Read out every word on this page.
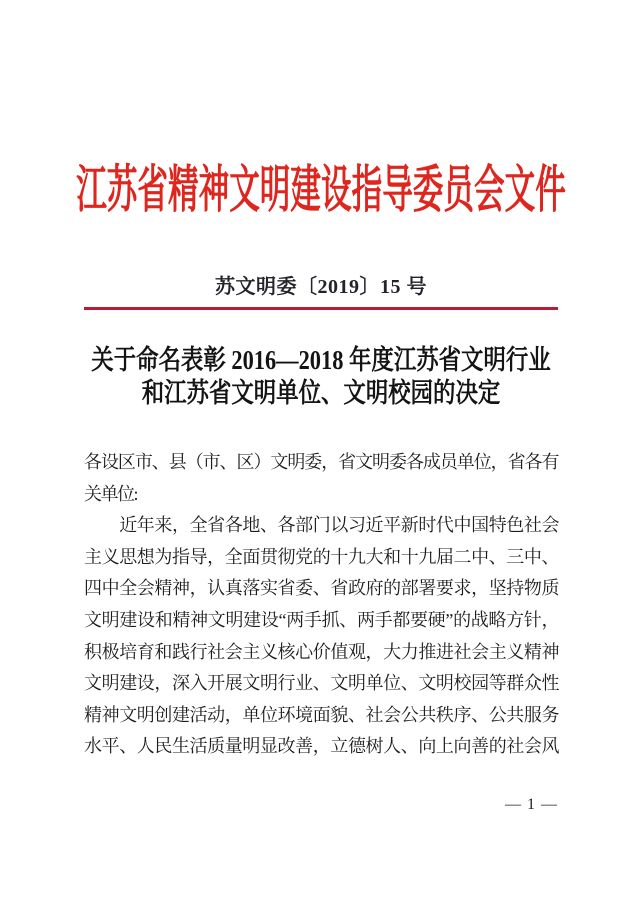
江苏省精神文明建设指导委员会文件
苏文明委〔2019〕15 号
关于命名表彰 2016—2018 年度江苏省文明行业
和江苏省文明单位、文明校园的决定
各设区市、县（市、区）文明委，省文明委各成员单位，省各有
关单位:
　　近年来，全省各地、各部门以习近平新时代中国特色社会
主义思想为指导，全面贯彻党的十九大和十九届二中、三中、
四中全会精神，认真落实省委、省政府的部署要求，坚持物质
文明建设和精神文明建设“两手抓、两手都要硬”的战略方针，
积极培育和践行社会主义核心价值观，大力推进社会主义精神
文明建设，深入开展文明行业、文明单位、文明校园等群众性
精神文明创建活动，单位环境面貌、社会公共秩序、公共服务
水平、人民生活质量明显改善，立德树人、向上向善的社会风
— 1 —
